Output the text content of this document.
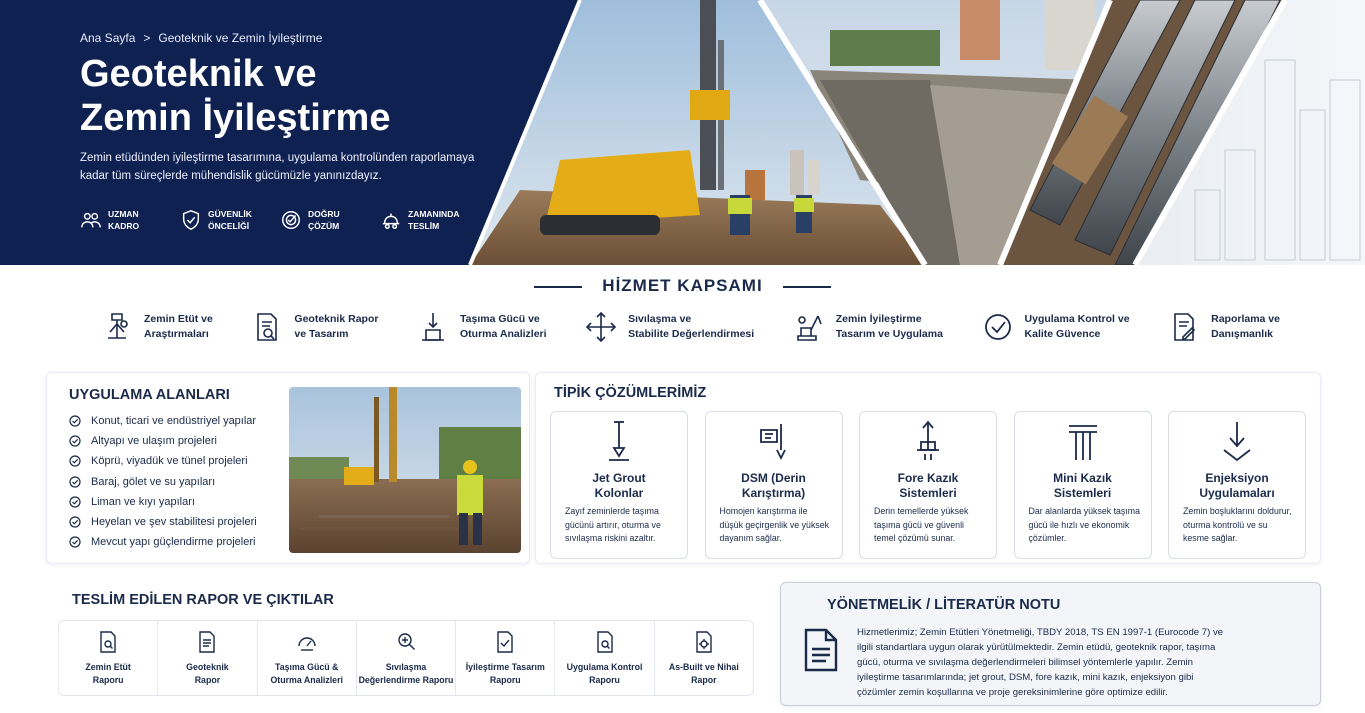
Ana Sayfa > Geoteknik ve Zemin İyileştirme
Geoteknik ve
Zemin İyileştirme

Zemin etüdünden iyileştirme tasarımına, uygulama kontrolünden raporlamaya kadar tüm süreçlerde mühendislik gücümüzle yanınızdayız.

UZMAN
KADRO
GÜVENLİK
ÖNCELİĞİ
DOĞRU
ÇÖZÜM
ZAMANINDA
TESLİM
HİZMET KAPSAMI
Zemin Etüt ve
Araştırmaları
Geoteknik Rapor
ve Tasarım
Taşıma Gücü ve
Oturma Analizleri
Sıvılaşma ve
Stabilite Değerlendirmesi
Zemin İyileştirme
Tasarım ve Uygulama
Uygulama Kontrol ve
Kalite Güvence
Raporlama ve
Danışmanlık
UYGULAMA ALANLARI
Konut, ticari ve endüstriyel yapılar
Altyapı ve ulaşım projeleri
Köprü, viyadük ve tünel projeleri
Baraj, gölet ve su yapıları
Liman ve kıyı yapıları
Heyelan ve şev stabilitesi projeleri
Mevcut yapı güçlendirme projeleri
TİPİK ÇÖZÜMLERİMİZ
Jet Grout
Kolonlar
Zayıf zeminlerde taşıma gücünü artırır, oturma ve sıvılaşma riskini azaltır.
DSM (Derin
Karıştırma)
Homojen karıştırma ile düşük geçirgenlik ve yüksek dayanım sağlar.
Fore Kazık
Sistemleri
Derin temellerde yüksek taşıma gücü ve güvenli temel çözümü sunar.
Mini Kazık
Sistemleri
Dar alanlarda yüksek taşıma gücü ile hızlı ve ekonomik çözümler.
Enjeksiyon
Uygulamaları
Zemin boşluklarını doldurur, oturma kontrolü ve su kesme sağlar.
TESLİM EDİLEN RAPOR VE ÇIKTILAR
Zemin Etüt
Raporu
Geoteknik
Rapor
Taşıma Gücü &
Oturma Analizleri
Sıvılaşma
Değerlendirme Raporu
İyileştirme Tasarım
Raporu
Uygulama Kontrol
Raporu
As-Built ve Nihai
Rapor
YÖNETMELİK / LİTERATÜR NOTU
Hizmetlerimiz; Zemin Etütleri Yönetmeliği, TBDY 2018, TS EN 1997-1 (Eurocode 7) ve
ilgili standartlara uygun olarak yürütülmektedir. Zemin etüdü, geoteknik rapor, taşıma
gücü, oturma ve sıvılaşma değerlendirmeleri bilimsel yöntemlerle yapılır. Zemin
iyileştirme tasarımlarında; jet grout, DSM, fore kazık, mini kazık, enjeksiyon gibi
çözümler zemin koşullarına ve proje gereksinimlerine göre optimize edilir.
